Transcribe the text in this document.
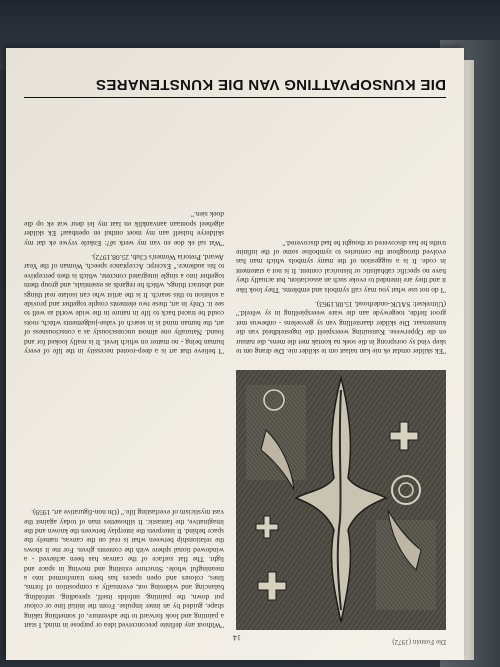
Die Fontein (1972)
14

"Without any definite preconceived idea or purpose in mind, I start a painting and look forward to the adventure, of something taking shape, guided by an inner impulse. From the initial line or colour put down, the painting, unfolds itself, spreading, unfolding, balancing and widening out, eventually a composition of forms, lines, colours and open spaces has been transformed into a meaningful whole. Structure existing and moving in space and light. The flat surface of the canvas has been achieved - a windowed tional sphere with the contents given. For me it shows the relationship between what is real on the canvas, namely the space behind. It interprets the interplay between the known and the imaginative, the fantastic. It silhouettes man of today against the vast mysticism of everlasting life." (On non-figurative art, 1959).

"Ek skilder omdat ek nie kan nalaat om te skilder nie. Die drang om te skep vind sy oorsprong in die soek na kontak met die mens, die natuur en die Opperwese. Kunsuiting weerspieël die ingesteldheid van die kunstenaar. Die skilder daarstelling van sy gevoelens - onbewus met groot liefde, toegewyde aan die ware weerspieëling in sy wêreld." (Uittreksel: SAUK-onderhoud, 15.08.1963).

"I do not use what you may call symbols and emblems. They look like it and they are intended to evoke such an association, but actually they have no specific cabbalistic or historical content. It is not a statement in code. It is a suggestion of the many symbols which man has evolved throughout the centuries to symbolise some of the infinite truths he has discovered or thought he had discovered."

"I believe that art is a deep-rooted necessity in the life of every human being - no matter on which level. It is really looked for and found. Naturally one almost unconsciously as a consciousness of art, the human mind is in search of value-judgements which, roots could be traced back to life in nature in the wide world as well to see it. Only in art, these two elements couple together and provide a solution to this search. It is the artist who can isolate real things and abstract things, which he regards as essentials, and group them together into a single integrated concrete, which is then perceptive to his audience." Excerpt: Acceptance speech, Woman of the Year Award, Pretoria Women's Club, 25.08.1972).

"Wat sal ek doe en van my werk sê?: Enkele vrywe ek dat my skilderye hulself aan my moet onthul en openbaar! Ek skilder algeheel spontaan aanvanklik en laat my lei deur wat ek op die doek sien."

DIE KUNSOPVATTING VAN DIE KUNSTENARES
